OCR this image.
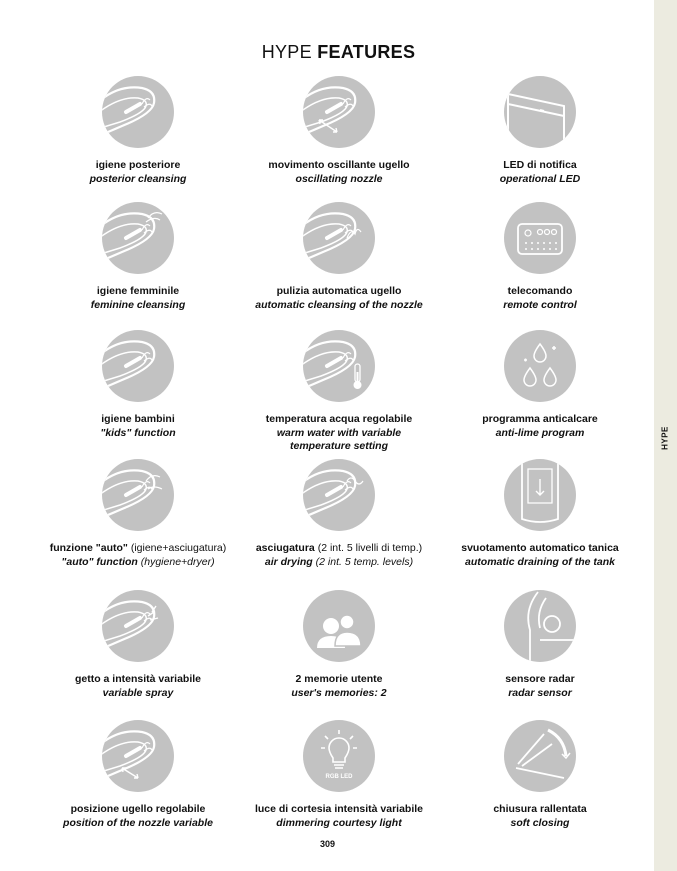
HYPE
HYPE FEATURES
igiene posteriore
posterior cleansing
movimento oscillante ugello
oscillating nozzle
LED di notifica
operational LED
igiene femminile
feminine cleansing
pulizia automatica ugello
automatic cleansing of the nozzle
telecomando
remote control
igiene bambini
"kids" function
temperatura acqua regolabile
warm water with variable
temperature setting
programma anticalcare
anti-lime program
funzione "auto" (igiene+asciugatura)
"auto" function (hygiene+dryer)
asciugatura (2 int. 5 livelli di temp.)
air drying (2 int. 5 temp. levels)
svuotamento automatico tanica
automatic draining of the tank
getto a intensità variabile
variable spray
2 memorie utente
user's memories: 2
sensore radar
radar sensor
posizione ugello regolabile
position of the nozzle variable
RGB LED
luce di cortesia intensità variabile
dimmering courtesy light
chiusura rallentata
soft closing
309
